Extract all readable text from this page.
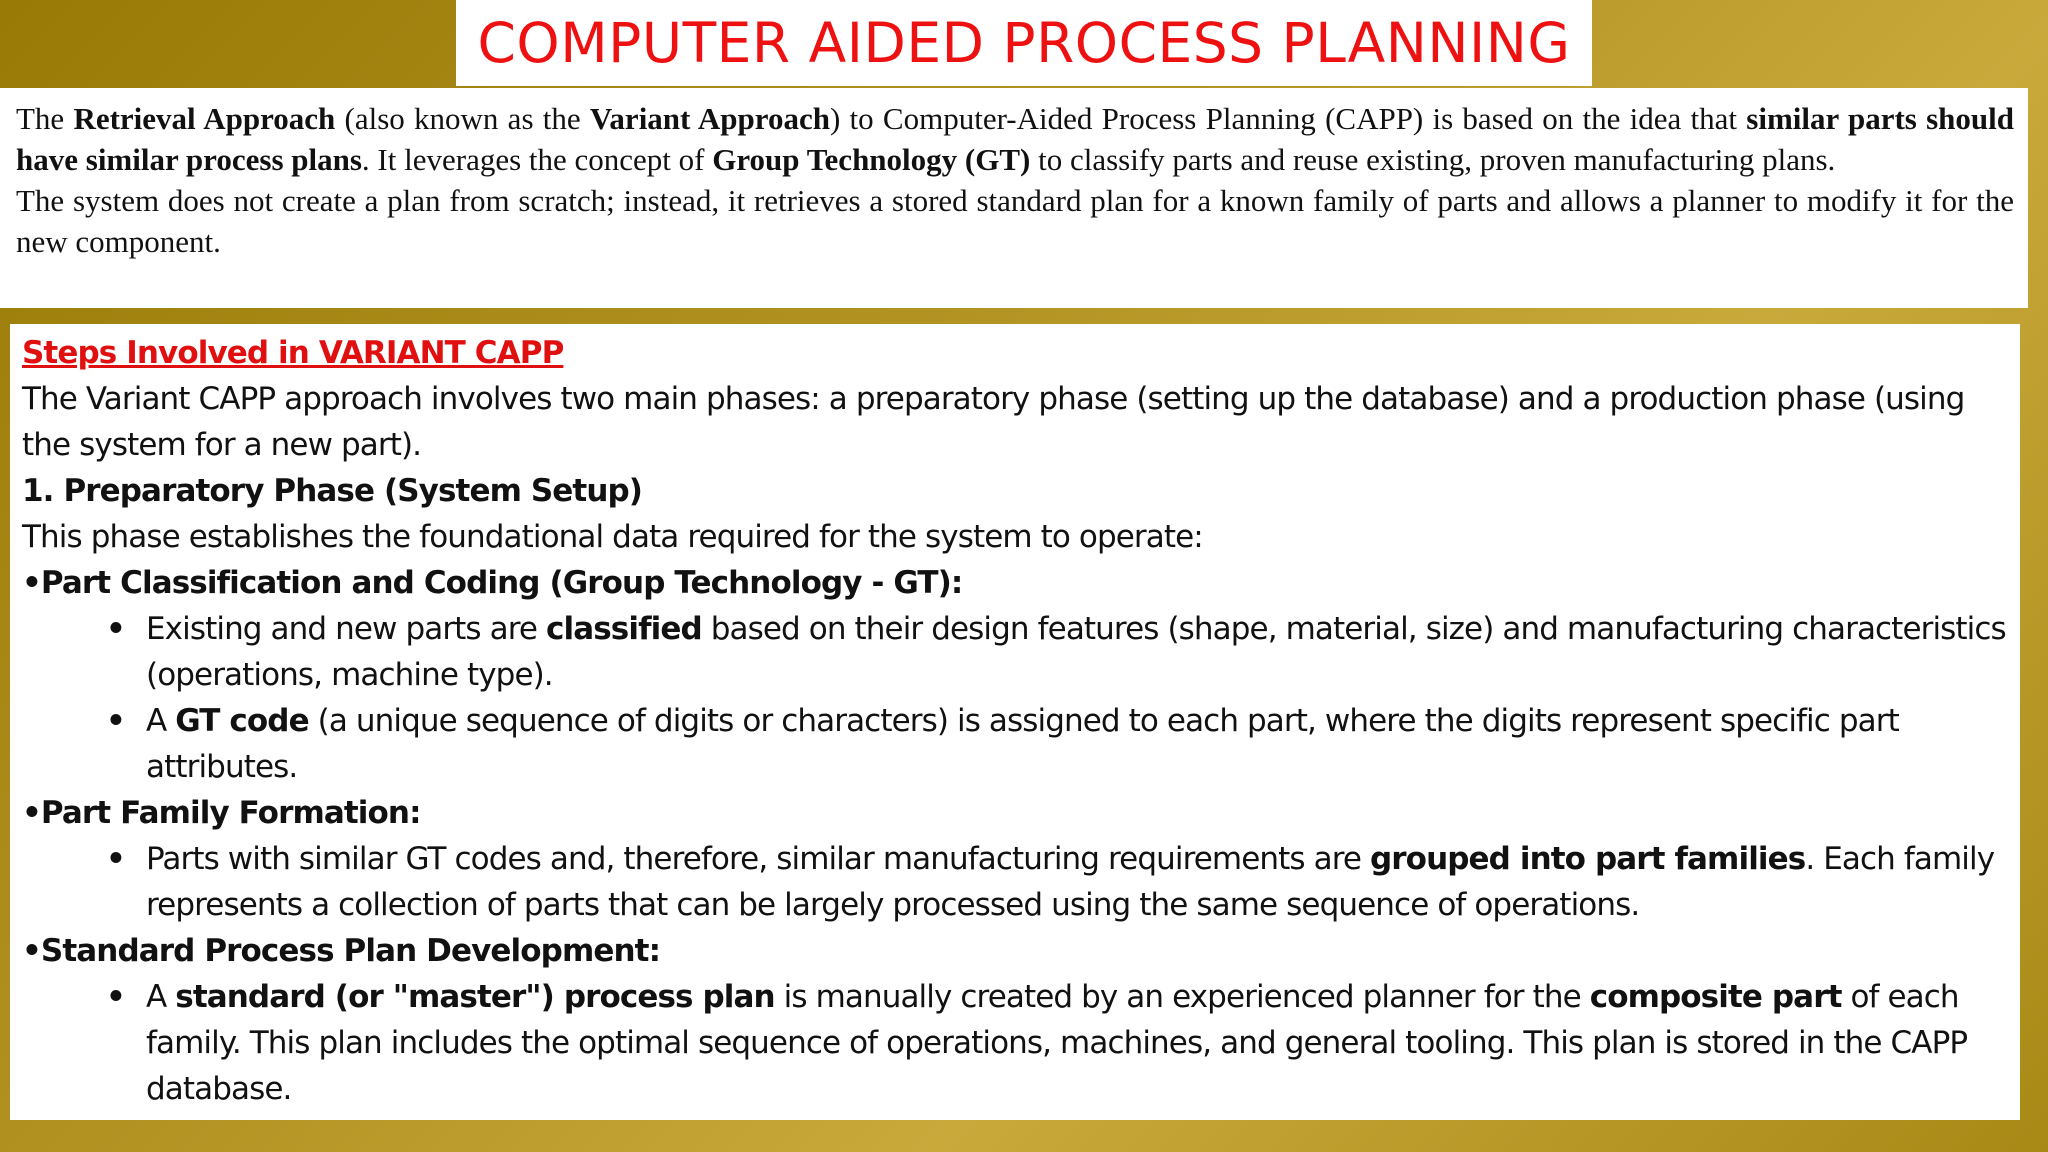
COMPUTER AIDED PROCESS PLANNING

The Retrieval Approach (also known as the Variant Approach) to Computer-Aided Process Planning (CAPP) is based on the idea that similar parts should have similar process plans. It leverages the concept of Group Technology (GT) to classify parts and reuse existing, proven manufacturing plans.

The system does not create a plan from scratch; instead, it retrieves a stored standard plan for a known family of parts and allows a planner to modify it for the new component.

Steps Involved in VARIANT CAPP

The Variant CAPP approach involves two main phases: a preparatory phase (setting up the database) and a production phase (using the system for a new part).

1. Preparatory Phase (System Setup)

This phase establishes the foundational data required for the system to operate:

•Part Classification and Coding (Group Technology - GT):

• Existing and new parts are classified based on their design features (shape, material, size) and manufacturing characteristics (operations, machine type).
• A GT code (a unique sequence of digits or characters) is assigned to each part, where the digits represent specific part attributes.

•Part Family Formation:

• Parts with similar GT codes and, therefore, similar manufacturing requirements are grouped into part families. Each family represents a collection of parts that can be largely processed using the same sequence of operations.

•Standard Process Plan Development:

• A standard (or "master") process plan is manually created by an experienced planner for the composite part of each family. This plan includes the optimal sequence of operations, machines, and general tooling. This plan is stored in the CAPP database.
